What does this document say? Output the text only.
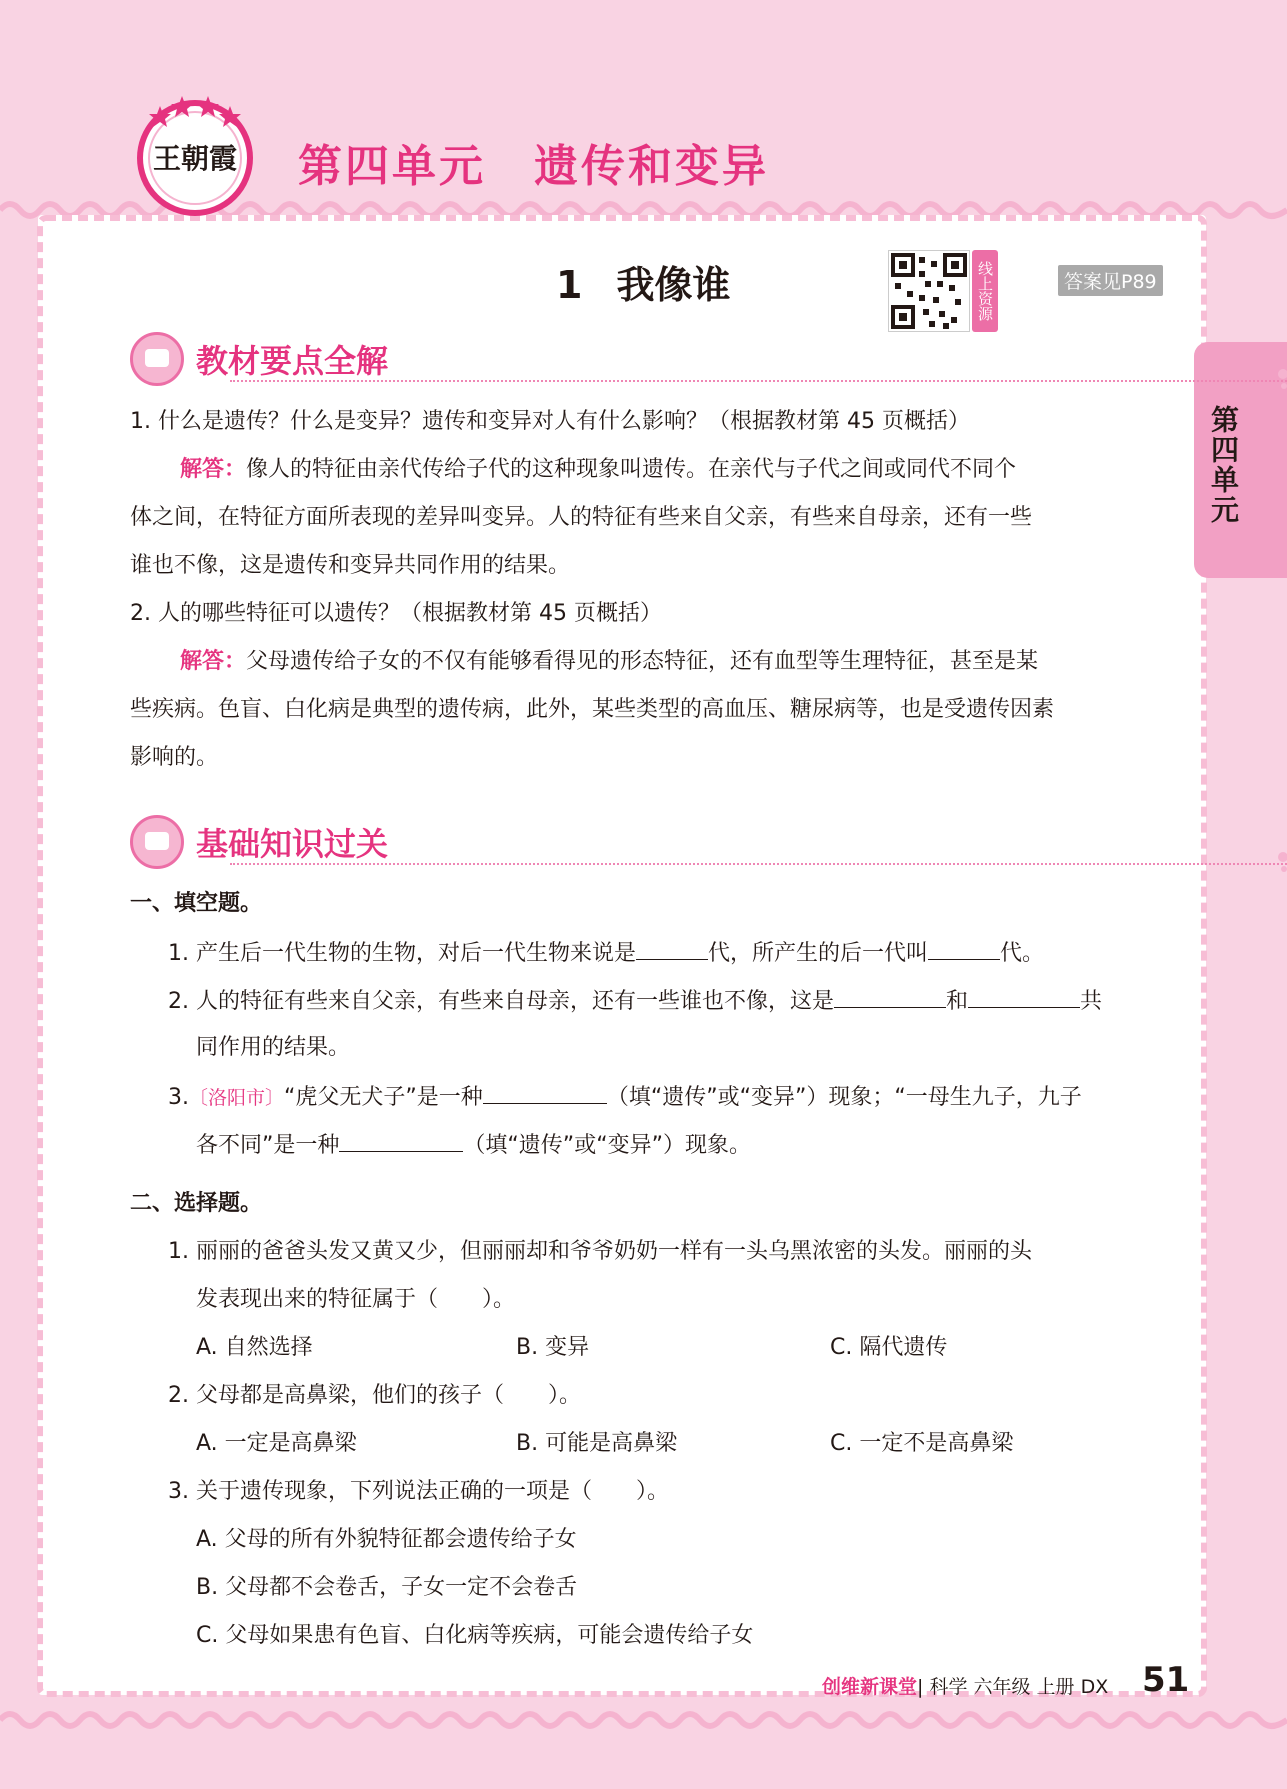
王朝霞 第四单元 遗传和变异
1 我像谁	线上资源	答案见P89
第四单元
教材要点全解
1. 什么是遗传？什么是变异？遗传和变异对人有什么影响？（根据教材第 45 页概括）
解答：像人的特征由亲代传给子代的这种现象叫遗传。在亲代与子代之间或同代不同个
体之间，在特征方面所表现的差异叫变异。人的特征有些来自父亲，有些来自母亲，还有一些
谁也不像，这是遗传和变异共同作用的结果。
2. 人的哪些特征可以遗传？（根据教材第 45 页概括）
解答：父母遗传给子女的不仅有能够看得见的形态特征，还有血型等生理特征，甚至是某
些疾病。色盲、白化病是典型的遗传病，此外，某些类型的高血压、糖尿病等，也是受遗传因素
影响的。
基础知识过关
一、填空题。
1. 产生后一代生物的生物，对后一代生物来说是	代，所产生的后一代叫	代。
2. 人的特征有些来自父亲，有些来自母亲，还有一些谁也不像，这是	和	共
同作用的结果。
3.〔洛阳市〕“虎父无犬子”是一种	（填“遗传”或“变异”）现象；“一母生九子，九子
各不同”是一种	（填“遗传”或“变异”）现象。
二、选择题。
1. 丽丽的爸爸头发又黄又少，但丽丽却和爷爷奶奶一样有一头乌黑浓密的头发。丽丽的头
发表现出来的特征属于（　　）。
A. 自然选择	B. 变异	C. 隔代遗传
2. 父母都是高鼻梁，他们的孩子（　　）。
A. 一定是高鼻梁	B. 可能是高鼻梁	C. 一定不是高鼻梁
3. 关于遗传现象，下列说法正确的一项是（　　）。
A. 父母的所有外貌特征都会遗传给子女
B. 父母都不会卷舌，子女一定不会卷舌
C. 父母如果患有色盲、白化病等疾病，可能会遗传给子女
创维新课堂| 科学 六年级 上册 DX 51
